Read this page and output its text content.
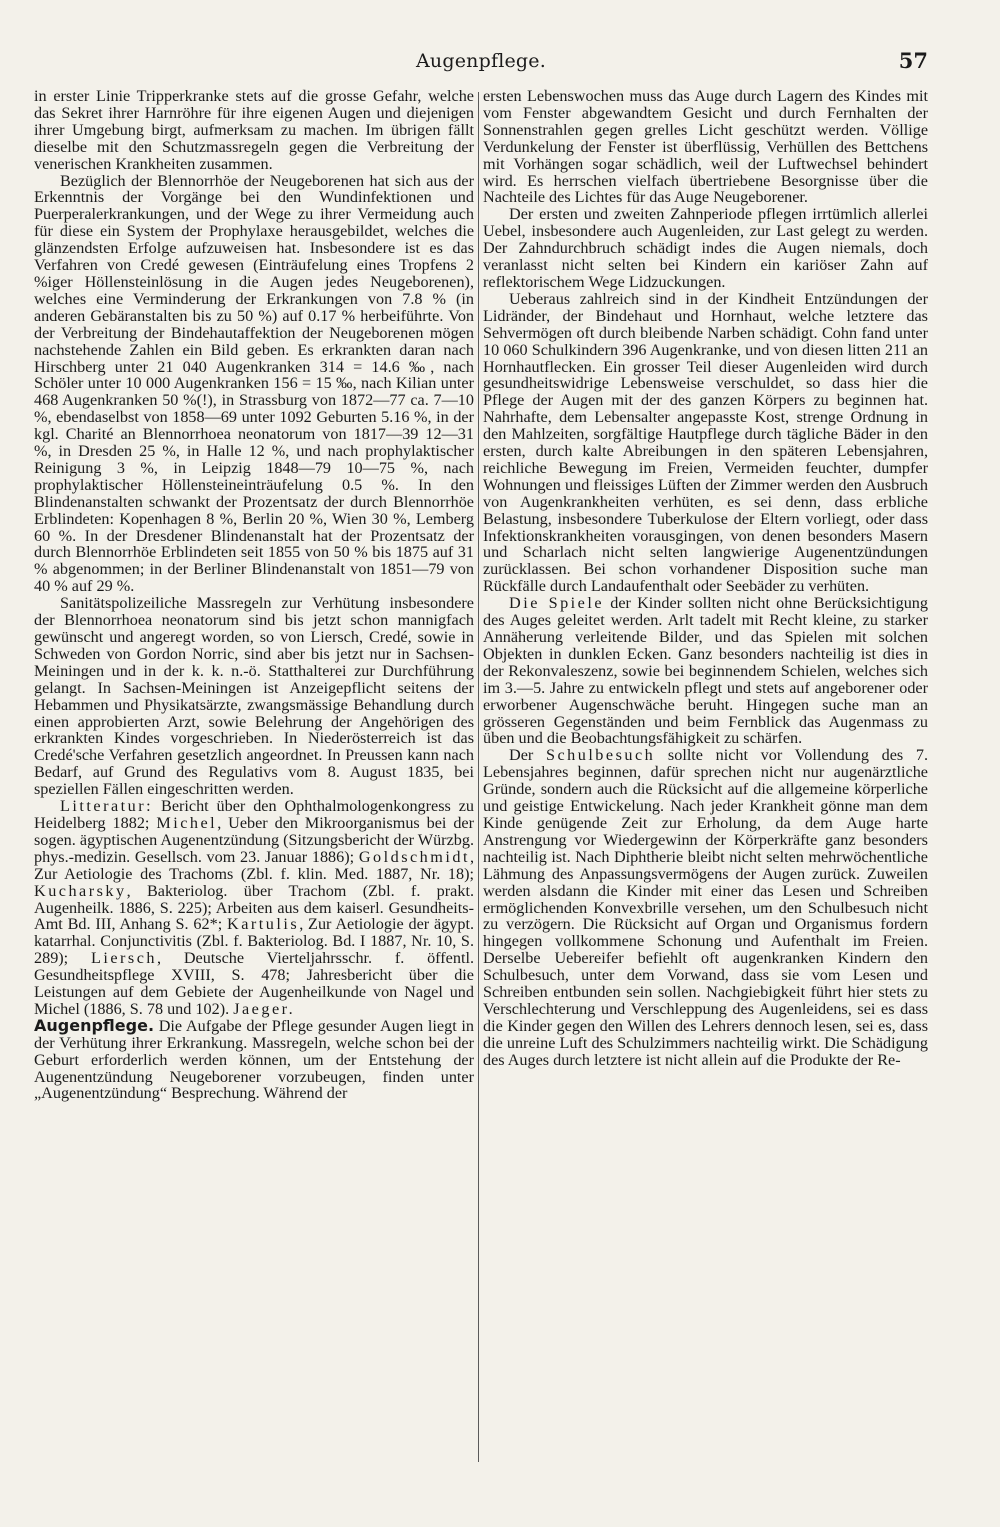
Augenpflege.	57

in erster Linie Tripperkranke stets auf die grosse Gefahr, welche das Sekret ihrer Harnröhre für ihre eigenen Augen und diejenigen ihrer Umgebung birgt, aufmerksam zu machen. Im übrigen fällt dieselbe mit den Schutzmassregeln gegen die Verbreitung der venerischen Krankheiten zusammen.

Bezüglich der Blennorrhöe der Neugeborenen hat sich aus der Erkenntnis der Vorgänge bei den Wundinfektionen und Puerperalerkrankungen, und der Wege zu ihrer Vermeidung auch für diese ein System der Prophylaxe herausgebildet, welches die glänzendsten Erfolge aufzuweisen hat. Insbesondere ist es das Verfahren von Credé gewesen (Einträufelung eines Tropfens 2 %iger Höllensteinlösung in die Augen jedes Neugeborenen), welches eine Verminderung der Erkrankungen von 7.8 % (in anderen Gebäranstalten bis zu 50 %) auf 0.17 % herbeiführte. Von der Verbreitung der Bindehautaffektion der Neugeborenen mögen nachstehende Zahlen ein Bild geben. Es erkrankten daran nach Hirschberg unter 21 040 Augenkranken 314 = 14.6 ‰, nach Schöler unter 10 000 Augenkranken 156 = 15 ‰, nach Kilian unter 468 Augenkranken 50 %(!), in Strassburg von 1872—77 ca. 7—10 %, ebendaselbst von 1858—69 unter 1092 Geburten 5.16 %, in der kgl. Charité an Blennorrhoea neonatorum von 1817—39 12—31 %, in Dresden 25 %, in Halle 12 %, und nach prophylaktischer Reinigung 3 %, in Leipzig 1848—79 10—75 %, nach prophylaktischer Höllensteineinträufelung 0.5 %. In den Blindenanstalten schwankt der Prozentsatz der durch Blennorrhöe Erblindeten: Kopenhagen 8 %, Berlin 20 %, Wien 30 %, Lemberg 60 %. In der Dresdener Blindenanstalt hat der Prozentsatz der durch Blennorrhöe Erblindeten seit 1855 von 50 % bis 1875 auf 31 % abgenommen; in der Berliner Blindenanstalt von 1851—79 von 40 % auf 29 %.

Sanitätspolizeiliche Massregeln zur Verhütung insbesondere der Blennorrhoea neonatorum sind bis jetzt schon mannigfach gewünscht und angeregt worden, so von Liersch, Credé, sowie in Schweden von Gordon Norric, sind aber bis jetzt nur in Sachsen-Meiningen und in der k. k. n.-ö. Statthalterei zur Durchführung gelangt. In Sachsen-Meiningen ist Anzeigepflicht seitens der Hebammen und Physikatsärzte, zwangsmässige Behandlung durch einen approbierten Arzt, sowie Belehrung der Angehörigen des erkrankten Kindes vorgeschrieben. In Niederösterreich ist das Credé'sche Verfahren gesetzlich angeordnet. In Preussen kann nach Bedarf, auf Grund des Regulativs vom 8. August 1835, bei speziellen Fällen eingeschritten werden.

Litteratur: Bericht über den Ophthalmologenkongress zu Heidelberg 1882; Michel, Ueber den Mikroorganismus bei der sogen. ägyptischen Augenentzündung (Sitzungsbericht der Würzbg. phys.-medizin. Gesellsch. vom 23. Januar 1886); Goldschmidt, Zur Aetiologie des Trachoms (Zbl. f. klin. Med. 1887, Nr. 18); Kucharsky, Bakteriolog. über Trachom (Zbl. f. prakt. Augenheilk. 1886, S. 225); Arbeiten aus dem kaiserl. Gesundheits-Amt Bd. III, Anhang S. 62*; Kartulis, Zur Aetiologie der ägypt. katarrhal. Conjunctivitis (Zbl. f. Bakteriolog. Bd. I 1887, Nr. 10, S. 289); Liersch, Deutsche Vierteljahrsschr. f. öffentl. Gesundheitspflege XVIII, S. 478; Jahresbericht über die Leistungen auf dem Gebiete der Augenheilkunde von Nagel und Michel (1886, S. 78 und 102). Jaeger.

Augenpflege. Die Aufgabe der Pflege gesunder Augen liegt in der Verhütung ihrer Erkrankung. Massregeln, welche schon bei der Geburt erforderlich werden können, um der Entstehung der Augenentzündung Neugeborener vorzubeugen, finden unter „Augenentzündung“ Besprechung. Während der

ersten Lebenswochen muss das Auge durch Lagern des Kindes mit vom Fenster abgewandtem Gesicht und durch Fernhalten der Sonnenstrahlen gegen grelles Licht geschützt werden. Völlige Verdunkelung der Fenster ist überflüssig, Verhüllen des Bettchens mit Vorhängen sogar schädlich, weil der Luftwechsel behindert wird. Es herrschen vielfach übertriebene Besorgnisse über die Nachteile des Lichtes für das Auge Neugeborener.

Der ersten und zweiten Zahnperiode pflegen irrtümlich allerlei Uebel, insbesondere auch Augenleiden, zur Last gelegt zu werden. Der Zahndurchbruch schädigt indes die Augen niemals, doch veranlasst nicht selten bei Kindern ein kariöser Zahn auf reflektorischem Wege Lidzuckungen.

Ueberaus zahlreich sind in der Kindheit Entzündungen der Lidränder, der Bindehaut und Hornhaut, welche letztere das Sehvermögen oft durch bleibende Narben schädigt. Cohn fand unter 10 060 Schulkindern 396 Augenkranke, und von diesen litten 211 an Hornhautflecken. Ein grosser Teil dieser Augenleiden wird durch gesundheitswidrige Lebensweise verschuldet, so dass hier die Pflege der Augen mit der des ganzen Körpers zu beginnen hat. Nahrhafte, dem Lebensalter angepasste Kost, strenge Ordnung in den Mahlzeiten, sorgfältige Hautpflege durch tägliche Bäder in den ersten, durch kalte Abreibungen in den späteren Lebensjahren, reichliche Bewegung im Freien, Vermeiden feuchter, dumpfer Wohnungen und fleissiges Lüften der Zimmer werden den Ausbruch von Augenkrankheiten verhüten, es sei denn, dass erbliche Belastung, insbesondere Tuberkulose der Eltern vorliegt, oder dass Infektionskrankheiten vorausgingen, von denen besonders Masern und Scharlach nicht selten langwierige Augenentzündungen zurücklassen. Bei schon vorhandener Disposition suche man Rückfälle durch Landaufenthalt oder Seebäder zu verhüten.

Die Spiele der Kinder sollten nicht ohne Berücksichtigung des Auges geleitet werden. Arlt tadelt mit Recht kleine, zu starker Annäherung verleitende Bilder, und das Spielen mit solchen Objekten in dunklen Ecken. Ganz besonders nachteilig ist dies in der Rekonvaleszenz, sowie bei beginnendem Schielen, welches sich im 3.—5. Jahre zu entwickeln pflegt und stets auf angeborener oder erworbener Augenschwäche beruht. Hingegen suche man an grösseren Gegenständen und beim Fernblick das Augenmass zu üben und die Beobachtungsfähigkeit zu schärfen.

Der Schulbesuch sollte nicht vor Vollendung des 7. Lebensjahres beginnen, dafür sprechen nicht nur augenärztliche Gründe, sondern auch die Rücksicht auf die allgemeine körperliche und geistige Entwickelung. Nach jeder Krankheit gönne man dem Kinde genügende Zeit zur Erholung, da dem Auge harte Anstrengung vor Wiedergewinn der Körperkräfte ganz besonders nachteilig ist. Nach Diphtherie bleibt nicht selten mehrwöchentliche Lähmung des Anpassungsvermögens der Augen zurück. Zuweilen werden alsdann die Kinder mit einer das Lesen und Schreiben ermöglichenden Konvexbrille versehen, um den Schulbesuch nicht zu verzögern. Die Rücksicht auf Organ und Organismus fordern hingegen vollkommene Schonung und Aufenthalt im Freien. Derselbe Uebereifer befiehlt oft augenkranken Kindern den Schulbesuch, unter dem Vorwand, dass sie vom Lesen und Schreiben entbunden sein sollen. Nachgiebigkeit führt hier stets zu Verschlechterung und Verschleppung des Augenleidens, sei es dass die Kinder gegen den Willen des Lehrers dennoch lesen, sei es, dass die unreine Luft des Schulzimmers nachteilig wirkt. Die Schädigung des Auges durch letztere ist nicht allein auf die Produkte der Re-
